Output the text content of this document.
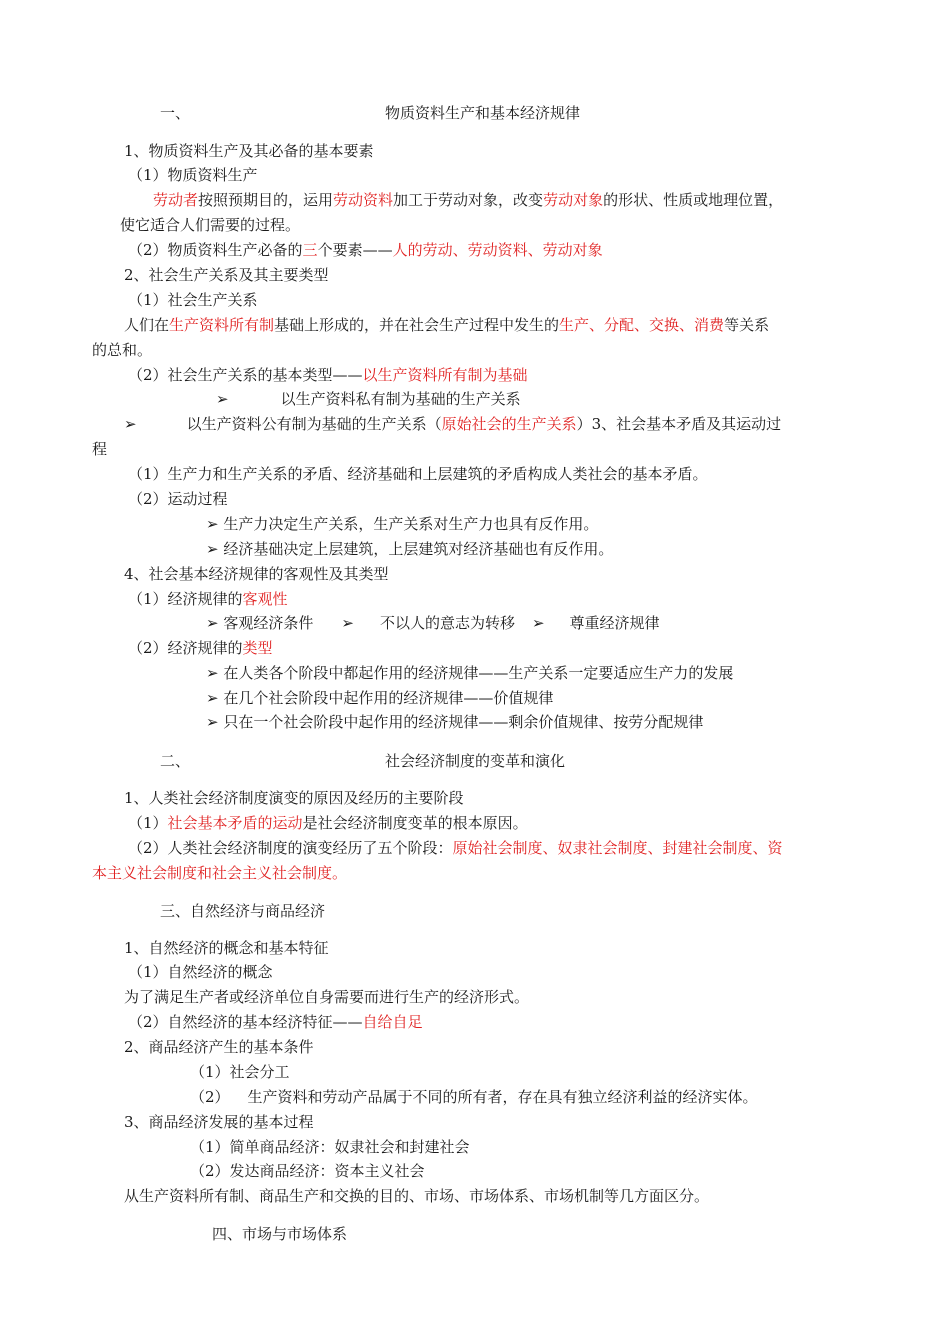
一、	物质资料生产和基本经济规律
1、物质资料生产及其必备的基本要素
（1）物质资料生产
劳动者按照预期目的，运用劳动资料加工于劳动对象，改变劳动对象的形状、性质或地理位置，
使它适合人们需要的过程。
（2）物质资料生产必备的三个要素——人的劳动、劳动资料、劳动对象
2、社会生产关系及其主要类型
（1）社会生产关系
人们在生产资料所有制基础上形成的，并在社会生产过程中发生的生产、分配、交换、消费等关系
的总和。
（2）社会生产关系的基本类型——以生产资料所有制为基础
➢	以生产资料私有制为基础的生产关系
➢	以生产资料公有制为基础的生产关系（原始社会的生产关系）3、社会基本矛盾及其运动过
程
（1）生产力和生产关系的矛盾、经济基础和上层建筑的矛盾构成人类社会的基本矛盾。
（2）运动过程
➢ 生产力决定生产关系，生产关系对生产力也具有反作用。
➢ 经济基础决定上层建筑，上层建筑对经济基础也有反作用。
4、社会基本经济规律的客观性及其类型
（1）经济规律的客观性
➢ 客观经济条件 ➢ 不以人的意志为转移 ➢ 尊重经济规律
（2）经济规律的类型
➢ 在人类各个阶段中都起作用的经济规律——生产关系一定要适应生产力的发展
➢ 在几个社会阶段中起作用的经济规律——价值规律
➢ 只在一个社会阶段中起作用的经济规律——剩余价值规律、按劳分配规律
二、	社会经济制度的变革和演化
1、人类社会经济制度演变的原因及经历的主要阶段
（1）社会基本矛盾的运动是社会经济制度变革的根本原因。
（2）人类社会经济制度的演变经历了五个阶段：原始社会制度、奴隶社会制度、封建社会制度、资
本主义社会制度和社会主义社会制度。
三、自然经济与商品经济
1、自然经济的概念和基本特征
（1）自然经济的概念
为了满足生产者或经济单位自身需要而进行生产的经济形式。
（2）自然经济的基本经济特征——自给自足
2、商品经济产生的基本条件
（1）社会分工
（2） 生产资料和劳动产品属于不同的所有者，存在具有独立经济利益的经济实体。
3、商品经济发展的基本过程
（1）简单商品经济：奴隶社会和封建社会
（2）发达商品经济：资本主义社会
从生产资料所有制、商品生产和交换的目的、市场、市场体系、市场机制等几方面区分。
四、市场与市场体系
